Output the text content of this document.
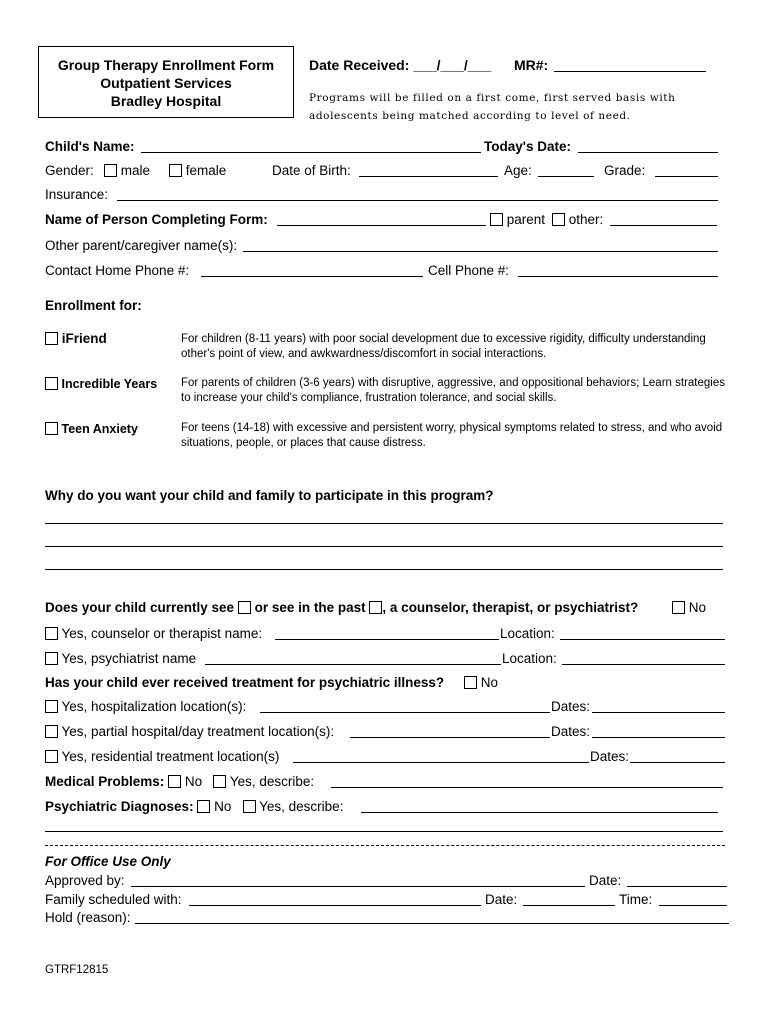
Group Therapy Enrollment Form
Outpatient Services
Bradley Hospital
Date Received: ___/___/___ MR#:
Programs will be filled on a first come, first served basis with adolescents being matched according to level of need.
Child's Name:	Today's Date:
Gender:	male	female	Date of Birth:	Age:	Grade:
Insurance:
Name of Person Completing Form:	parent	other:
Other parent/caregiver name(s):
Contact Home Phone #:	Cell Phone #:
Enrollment for:
iFriend	For children (8-11 years) with poor social development due to excessive rigidity, difficulty understanding other's point of view, and awkwardness/discomfort in social interactions.
Incredible Years For parents of children (3-6 years) with disruptive, aggressive, and oppositional behaviors; Learn strategies to increase your child's compliance, frustration tolerance, and social skills.
Teen Anxiety	For teens (14-18) with excessive and persistent worry, physical symptoms related to stress, and who avoid situations, people, or places that cause distress.
Why do you want your child and family to participate in this program?
Does your child currently see or see in the past , a counselor, therapist, or psychiatrist?	No
Yes, counselor or therapist name:	Location:
Yes, psychiatrist name	Location:
Has your child ever received treatment for psychiatric illness?	No
Yes, hospitalization location(s):	Dates:
Yes, partial hospital/day treatment location(s):	Dates:
Yes, residential treatment location(s)	Dates:
Medical Problems: No Yes, describe:
Psychiatric Diagnoses: No Yes, describe:
For Office Use Only
Approved by:	Date:
Family scheduled with:	Date:	Time:
Hold (reason):
GTRF12815
